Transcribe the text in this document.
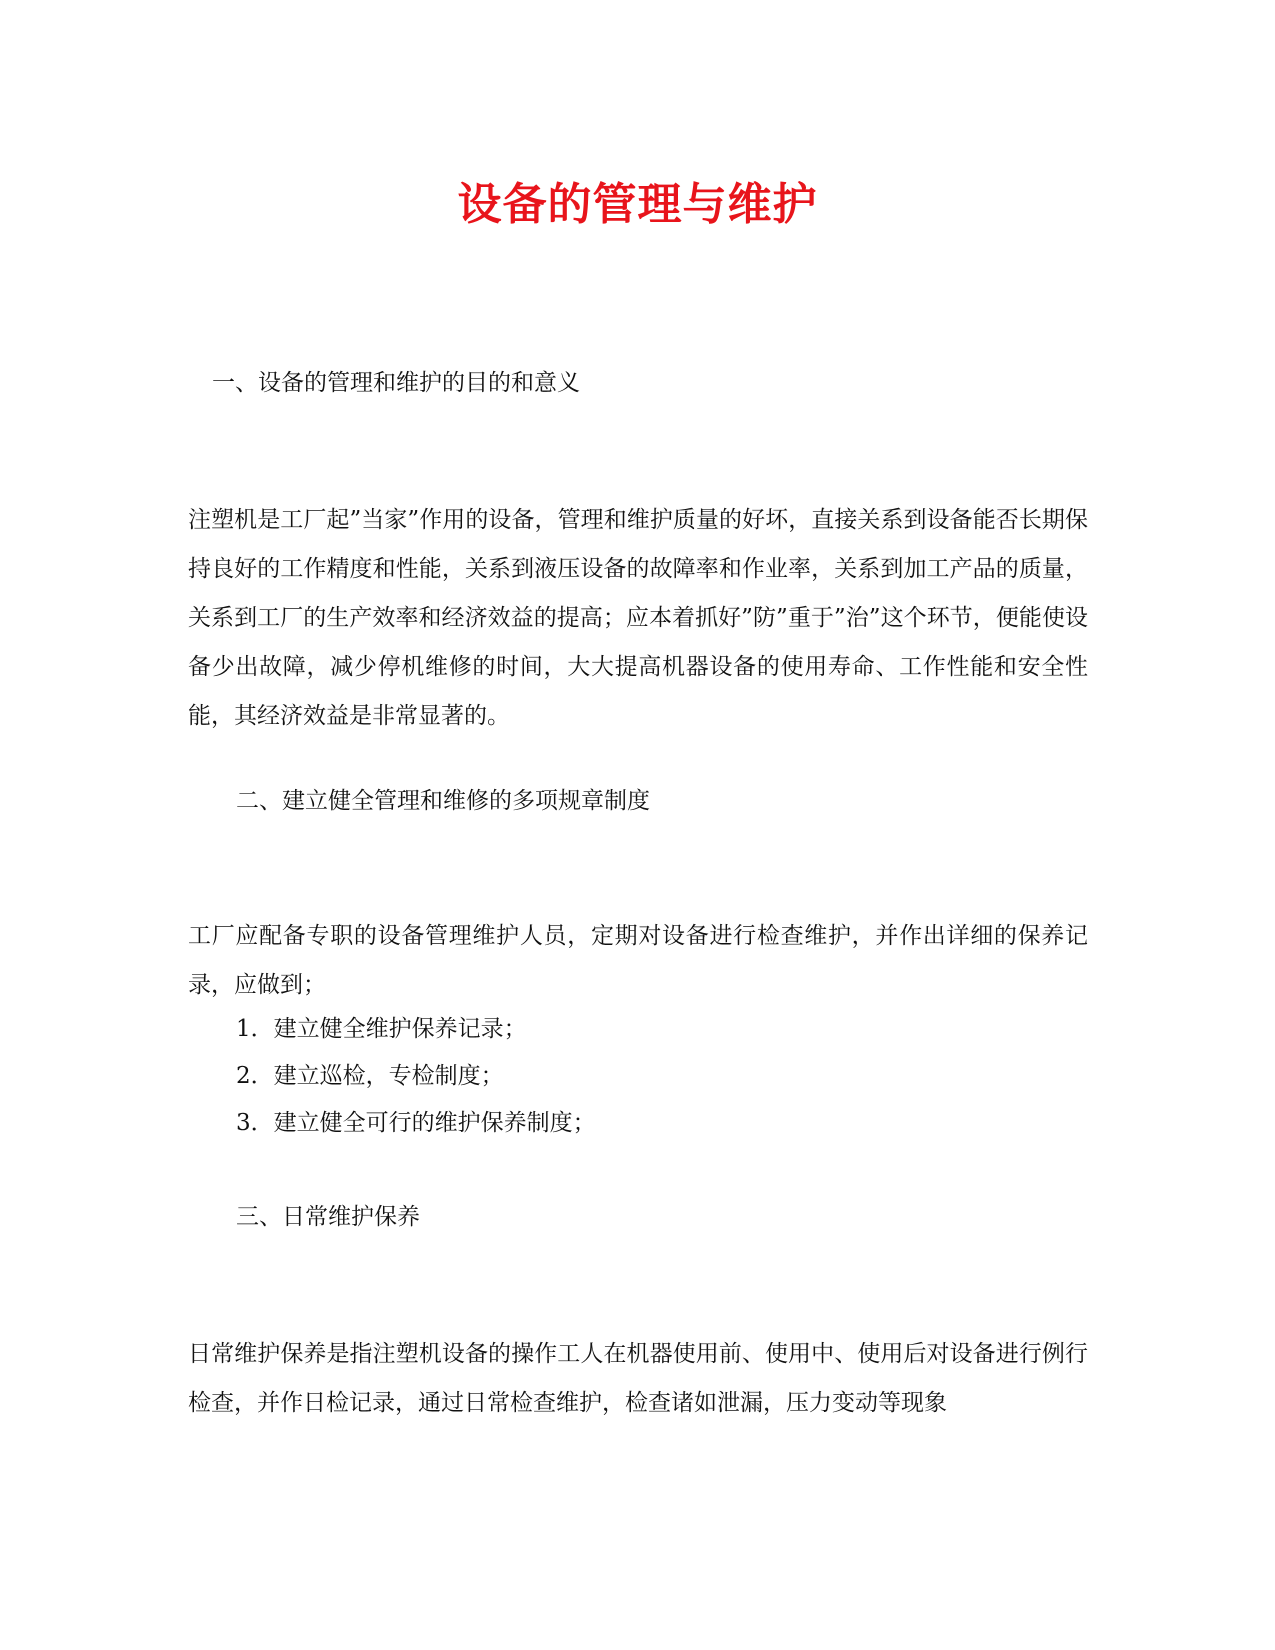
设备的管理与维护
一、设备的管理和维护的目的和意义
注塑机是工厂起”当家”作用的设备，管理和维护质量的好坏，直接关系到设备能否长期保持良好的工作精度和性能，关系到液压设备的故障率和作业率，关系到加工产品的质量，关系到工厂的生产效率和经济效益的提高；应本着抓好”防”重于”治”这个环节，便能使设备少出故障，减少停机维修的时间，大大提高机器设备的使用寿命、工作性能和安全性能，其经济效益是非常显著的。
二、建立健全管理和维修的多项规章制度
工厂应配备专职的设备管理维护人员，定期对设备进行检查维护，并作出详细的保养记录，应做到；
1．建立健全维护保养记录；
2．建立巡检，专检制度；
3．建立健全可行的维护保养制度；
三、日常维护保养
日常维护保养是指注塑机设备的操作工人在机器使用前、使用中、使用后对设备进行例行检查，并作日检记录，通过日常检查维护，检查诸如泄漏，压力变动等现象
